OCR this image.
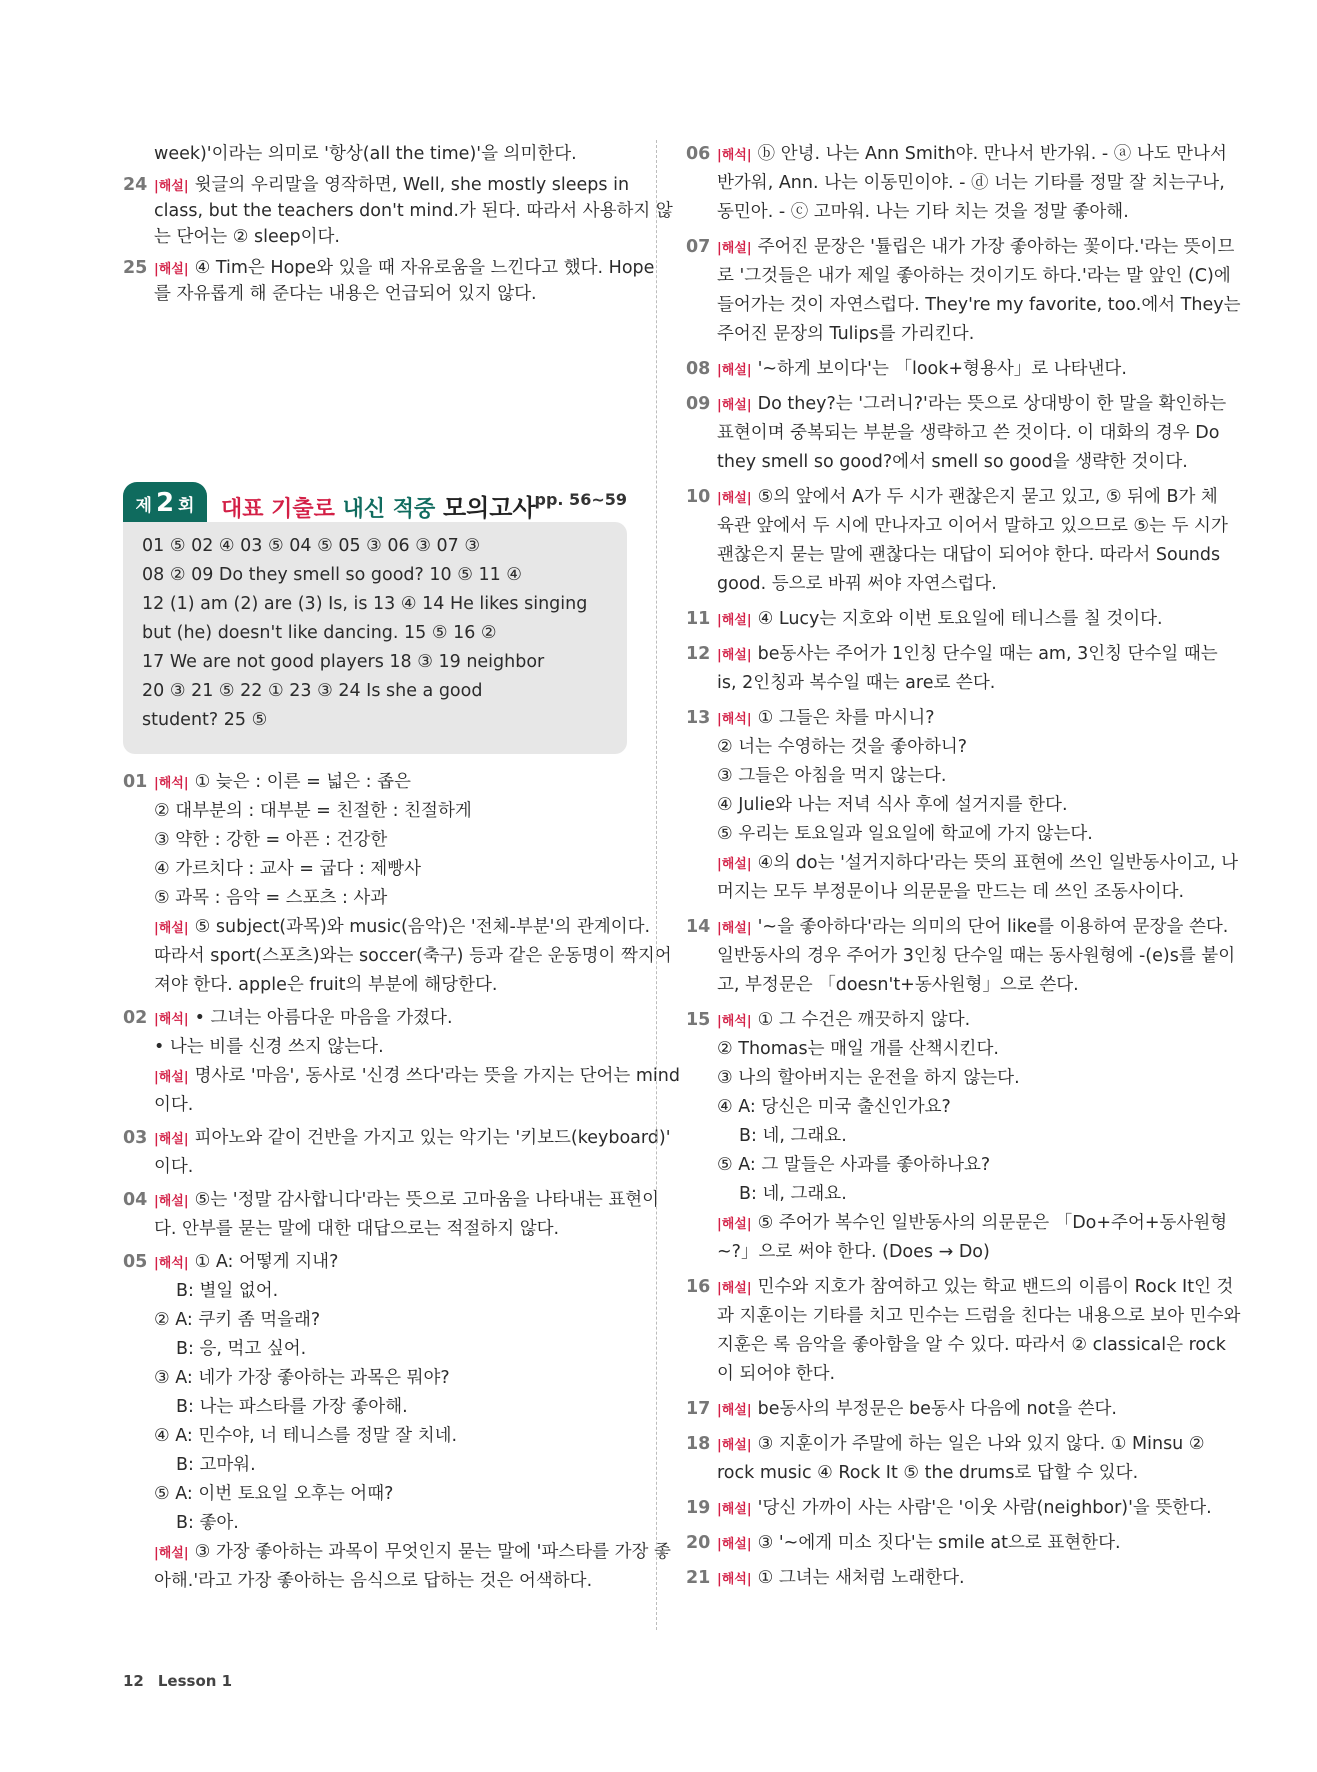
week)'이라는 의미로 '항상(all the time)'을 의미한다.
24 |해설| 윗글의 우리말을 영작하면, Well, she mostly sleeps in
class, but the teachers don't mind.가 된다. 따라서 사용하지 않
는 단어는 ② sleep이다.
25 |해설| ④ Tim은 Hope와 있을 때 자유로움을 느낀다고 했다. Hope
를 자유롭게 해 준다는 내용은 언급되어 있지 않다.
제 2 회 대표 기출로 내신 적중 모의고사
pp. 56~59
01 ⑤ 02 ④ 03 ⑤ 04 ⑤ 05 ③ 06 ③ 07 ③
08 ② 09 Do they smell so good? 10 ⑤ 11 ④
12 (1) am (2) are (3) Is, is 13 ④ 14 He likes singing
but (he) doesn't like dancing. 15 ⑤ 16 ②
17 We are not good players 18 ③ 19 neighbor
20 ③ 21 ⑤ 22 ① 23 ③ 24 Is she a good
student? 25 ⑤
01 |해석| ① 늦은 : 이른 = 넓은 : 좁은
② 대부분의 : 대부분 = 친절한 : 친절하게
③ 약한 : 강한 = 아픈 : 건강한
④ 가르치다 : 교사 = 굽다 : 제빵사
⑤ 과목 : 음악 = 스포츠 : 사과
|해설| ⑤ subject(과목)와 music(음악)은 '전체-부분'의 관계이다.
따라서 sport(스포츠)와는 soccer(축구) 등과 같은 운동명이 짝지어
져야 한다. apple은 fruit의 부분에 해당한다.
02 |해석| • 그녀는 아름다운 마음을 가졌다.
• 나는 비를 신경 쓰지 않는다.
|해설| 명사로 '마음', 동사로 '신경 쓰다'라는 뜻을 가지는 단어는 mind
이다.
03 |해설| 피아노와 같이 건반을 가지고 있는 악기는 '키보드(keyboard)'
이다.
04 |해설| ⑤는 '정말 감사합니다'라는 뜻으로 고마움을 나타내는 표현이
다. 안부를 묻는 말에 대한 대답으로는 적절하지 않다.
05 |해석| ① A: 어떻게 지내?
B: 별일 없어.
② A: 쿠키 좀 먹을래?
B: 응, 먹고 싶어.
③ A: 네가 가장 좋아하는 과목은 뭐야?
B: 나는 파스타를 가장 좋아해.
④ A: 민수야, 너 테니스를 정말 잘 치네.
B: 고마워.
⑤ A: 이번 토요일 오후는 어때?
B: 좋아.
|해설| ③ 가장 좋아하는 과목이 무엇인지 묻는 말에 '파스타를 가장 좋
아해.'라고 가장 좋아하는 음식으로 답하는 것은 어색하다.
06 |해석| ⓑ 안녕. 나는 Ann Smith야. 만나서 반가워. - ⓐ 나도 만나서
반가워, Ann. 나는 이동민이야. - ⓓ 너는 기타를 정말 잘 치는구나,
동민아. - ⓒ 고마워. 나는 기타 치는 것을 정말 좋아해.
07 |해설| 주어진 문장은 '튤립은 내가 가장 좋아하는 꽃이다.'라는 뜻이므
로 '그것들은 내가 제일 좋아하는 것이기도 하다.'라는 말 앞인 (C)에
들어가는 것이 자연스럽다. They're my favorite, too.에서 They는
주어진 문장의 Tulips를 가리킨다.
08 |해설| '~하게 보이다'는 「look+형용사」로 나타낸다.
09 |해설| Do they?는 '그러니?'라는 뜻으로 상대방이 한 말을 확인하는
표현이며 중복되는 부분을 생략하고 쓴 것이다. 이 대화의 경우 Do
they smell so good?에서 smell so good을 생략한 것이다.
10 |해설| ⑤의 앞에서 A가 두 시가 괜찮은지 묻고 있고, ⑤ 뒤에 B가 체
육관 앞에서 두 시에 만나자고 이어서 말하고 있으므로 ⑤는 두 시가
괜찮은지 묻는 말에 괜찮다는 대답이 되어야 한다. 따라서 Sounds
good. 등으로 바꿔 써야 자연스럽다.
11 |해설| ④ Lucy는 지호와 이번 토요일에 테니스를 칠 것이다.
12 |해설| be동사는 주어가 1인칭 단수일 때는 am, 3인칭 단수일 때는
is, 2인칭과 복수일 때는 are로 쓴다.
13 |해석| ① 그들은 차를 마시니?
② 너는 수영하는 것을 좋아하니?
③ 그들은 아침을 먹지 않는다.
④ Julie와 나는 저녁 식사 후에 설거지를 한다.
⑤ 우리는 토요일과 일요일에 학교에 가지 않는다.
|해설| ④의 do는 '설거지하다'라는 뜻의 표현에 쓰인 일반동사이고, 나
머지는 모두 부정문이나 의문문을 만드는 데 쓰인 조동사이다.
14 |해설| '~을 좋아하다'라는 의미의 단어 like를 이용하여 문장을 쓴다.
일반동사의 경우 주어가 3인칭 단수일 때는 동사원형에 -(e)s를 붙이
고, 부정문은 「doesn't+동사원형」으로 쓴다.
15 |해석| ① 그 수건은 깨끗하지 않다.
② Thomas는 매일 개를 산책시킨다.
③ 나의 할아버지는 운전을 하지 않는다.
④ A: 당신은 미국 출신인가요?
B: 네, 그래요.
⑤ A: 그 말들은 사과를 좋아하나요?
B: 네, 그래요.
|해설| ⑤ 주어가 복수인 일반동사의 의문문은 「Do+주어+동사원형
~?」으로 써야 한다. (Does → Do)
16 |해설| 민수와 지호가 참여하고 있는 학교 밴드의 이름이 Rock It인 것
과 지훈이는 기타를 치고 민수는 드럼을 친다는 내용으로 보아 민수와
지훈은 록 음악을 좋아함을 알 수 있다. 따라서 ② classical은 rock
이 되어야 한다.
17 |해설| be동사의 부정문은 be동사 다음에 not을 쓴다.
18 |해설| ③ 지훈이가 주말에 하는 일은 나와 있지 않다. ① Minsu ②
rock music ④ Rock It ⑤ the drums로 답할 수 있다.
19 |해설| '당신 가까이 사는 사람'은 '이웃 사람(neighbor)'을 뜻한다.
20 |해설| ③ '~에게 미소 짓다'는 smile at으로 표현한다.
21 |해석| ① 그녀는 새처럼 노래한다.
12 Lesson 1
